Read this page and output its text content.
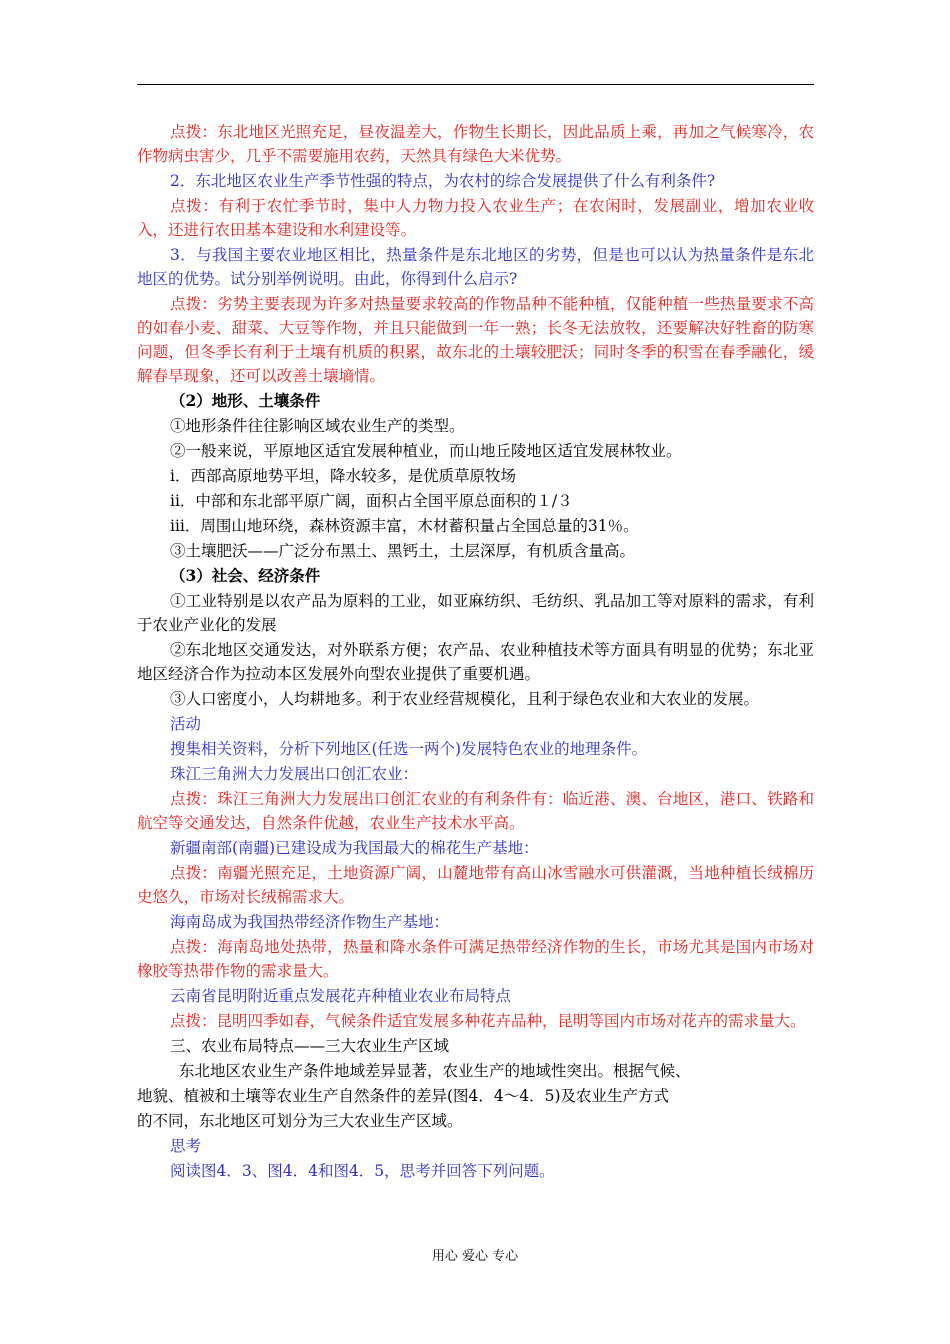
点拨：东北地区光照充足，昼夜温差大，作物生长期长，因此品质上乘，再加之气候寒冷，农作物病虫害少，几乎不需要施用农药，天然具有绿色大米优势。

2．东北地区农业生产季节性强的特点，为农村的综合发展提供了什么有利条件?

点拨：有利于农忙季节时，集中人力物力投入农业生产；在农闲时，发展副业，增加农业收入，还进行农田基本建设和水利建设等。

3．与我国主要农业地区相比，热量条件是东北地区的劣势，但是也可以认为热量条件是东北地区的优势。试分别举例说明。由此，你得到什么启示?

点拨：劣势主要表现为许多对热量要求较高的作物品种不能种植，仅能种植一些热量要求不高的如春小麦、甜菜、大豆等作物，并且只能做到一年一熟；长冬无法放牧，还要解决好牲畜的防寒问题，但冬季长有利于土壤有机质的积累，故东北的土壤较肥沃；同时冬季的积雪在春季融化，缓解春旱现象，还可以改善土壤墒情。

（2）地形、土壤条件

①地形条件往往影响区域农业生产的类型。

②一般来说，平原地区适宜发展种植业，而山地丘陵地区适宜发展林牧业。

ⅰ．西部高原地势平坦，降水较多，是优质草原牧场

ⅱ．中部和东北部平原广阔，面积占全国平原总面积的１/３

ⅲ．周围山地环绕，森林资源丰富，木材蓄积量占全国总量的31％。

③土壤肥沃——广泛分布黑土、黑钙土，土层深厚，有机质含量高。

（3）社会、经济条件

①工业特别是以农产品为原料的工业，如亚麻纺织、毛纺织、乳品加工等对原料的需求，有利于农业产业化的发展

②东北地区交通发达，对外联系方便；农产品、农业种植技术等方面具有明显的优势；东北亚地区经济合作为拉动本区发展外向型农业提供了重要机遇。

③人口密度小，人均耕地多。利于农业经营规模化，且利于绿色农业和大农业的发展。

活动

搜集相关资料，分析下列地区(任选一两个)发展特色农业的地理条件。

珠江三角洲大力发展出口创汇农业：

点拨：珠江三角洲大力发展出口创汇农业的有利条件有：临近港、澳、台地区，港口、铁路和航空等交通发达，自然条件优越，农业生产技术水平高。

新疆南部(南疆)已建设成为我国最大的棉花生产基地：

点拨：南疆光照充足，土地资源广阔，山麓地带有高山冰雪融水可供灌溉，当地种植长绒棉历史悠久，市场对长绒棉需求大。

海南岛成为我国热带经济作物生产基地：

点拨：海南岛地处热带，热量和降水条件可满足热带经济作物的生长，市场尤其是国内市场对橡胶等热带作物的需求量大。

云南省昆明附近重点发展花卉种植业农业布局特点

点拨：昆明四季如春，气候条件适宜发展多种花卉品种，昆明等国内市场对花卉的需求量大。

三、农业布局特点——三大农业生产区域

东北地区农业生产条件地域差异显著，农业生产的地域性突出。根据气候、

地貌、植被和土壤等农业生产自然条件的差异(图4．4～4．5)及农业生产方式

的不同，东北地区可划分为三大农业生产区域。

思考

阅读图4．3、图4．4和图4．5，思考并回答下列问题。

用心 爱心 专心
